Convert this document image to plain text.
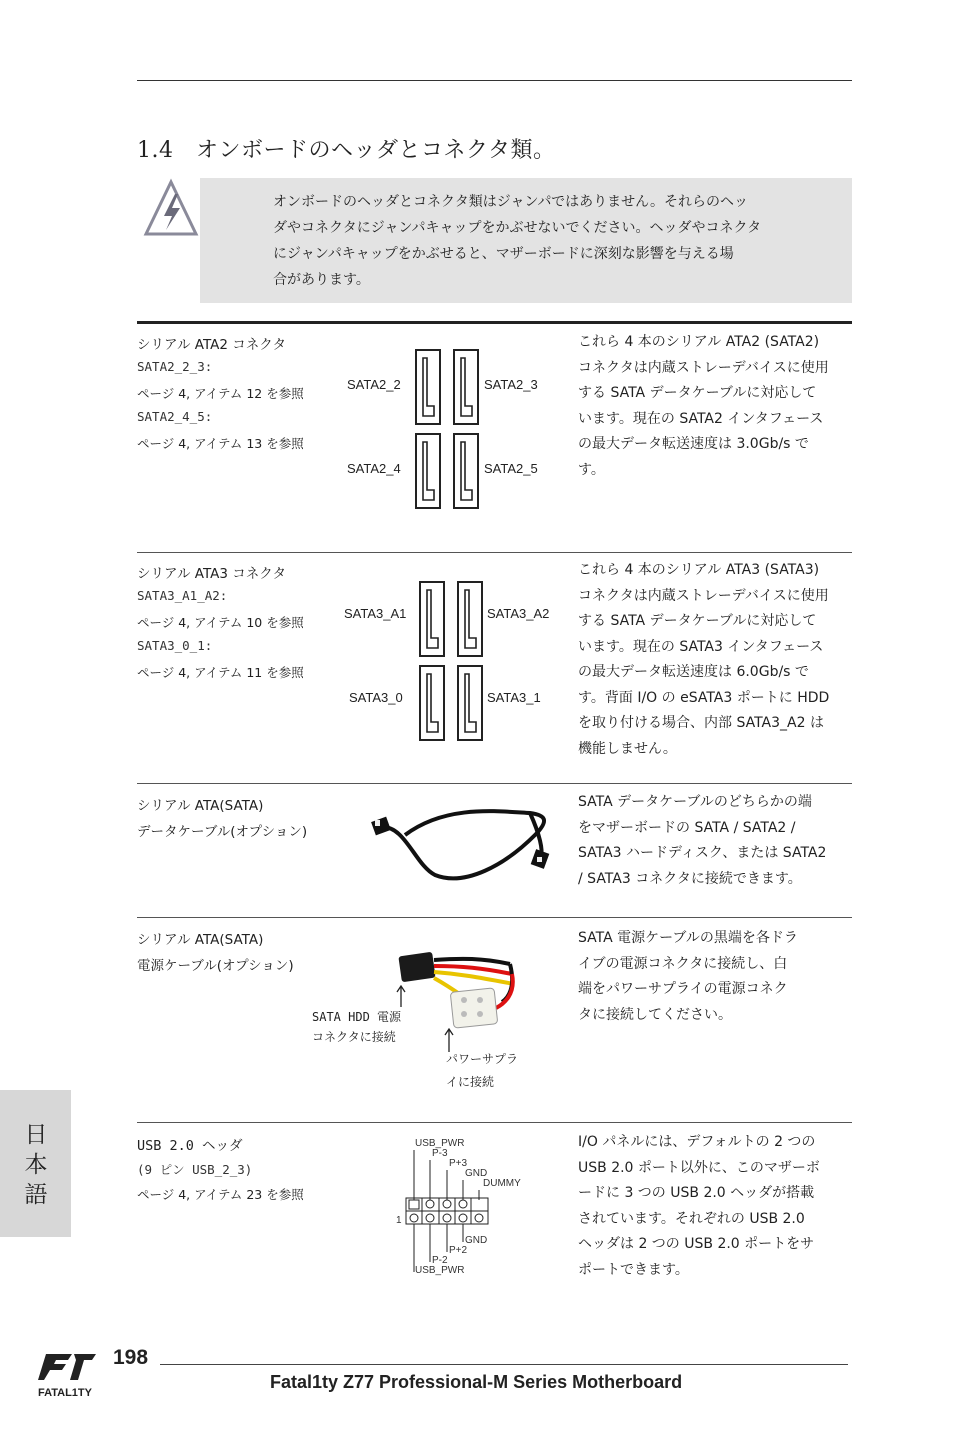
1.4　オンボードのヘッダとコネクタ類。
オンボードのヘッダとコネクタ類はジャンパではありません。それらのヘッ
ダやコネクタにジャンパキャップをかぶせないでください。ヘッダやコネクタ
にジャンパキャップをかぶせると、マザーボードに深刻な影響を与える場
合があります。
シリアル ATA2 コネクタ
SATA2_2_3:
ページ 4, アイテム 12 を参照
SATA2_4_5:
ページ 4, アイテム 13 を参照
SATA2_2	SATA2_3
SATA2_4	SATA2_5
これら 4 本のシリアル ATA2 (SATA2)
コネクタは内蔵ストレーデバイスに使用
する SATA データケーブルに対応して
います。現在の SATA2 インタフェース
の最大データ転送速度は 3.0Gb/s で
す。
シリアル ATA3 コネクタ
SATA3_A1_A2:
ページ 4, アイテム 10 を参照
SATA3_0_1:
ページ 4, アイテム 11 を参照
SATA3_A1	SATA3_A2
SATA3_0	SATA3_1
これら 4 本のシリアル ATA3 (SATA3)
コネクタは内蔵ストレーデバイスに使用
する SATA データケーブルに対応して
います。現在の SATA3 インタフェース
の最大データ転送速度は 6.0Gb/s で
す。背面 I/O の eSATA3 ポートに HDD
を取り付ける場合、内部 SATA3_A2 は
機能しません。
シリアル ATA(SATA)
データケーブル(オプション)
SATA データケーブルのどちらかの端
をマザーボードの SATA / SATA2 /
SATA3 ハードディスク、または SATA2
/ SATA3 コネクタに接続できます。
シリアル ATA(SATA)
電源ケーブル(オプション)
SATA HDD 電源
コネクタに接続
パワーサプラ
イに接続
SATA 電源ケーブルの黒端を各ドラ
イブの電源コネクタに接続し、白
端をパワーサプライの電源コネク
タに接続してください。
USB 2.0 ヘッダ
(9 ピン USB_2_3)
ページ 4, アイテム 23 を参照
USB_PWR
P-3
P+3
GND
DUMMY
1
GND
P+2
P-2
USB_PWR
I/O パネルには、デフォルトの 2 つの
USB 2.0 ポート以外に、このマザーボ
ードに 3 つの USB 2.0 ヘッダが搭載
されています。それぞれの USB 2.0
ヘッダは 2 つの USB 2.0 ポートをサ
ポートできます。
日本語
FATAL1TY
198
Fatal1ty Z77 Professional-M Series Motherboard
